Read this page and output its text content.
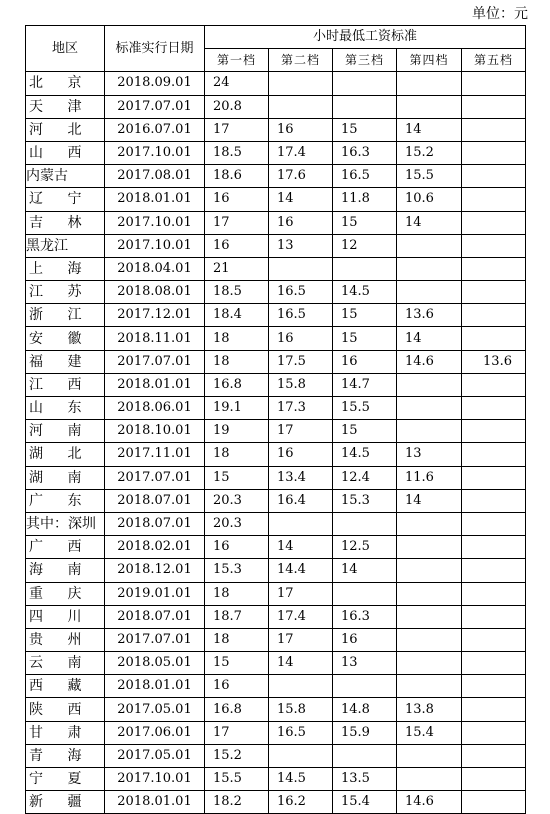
单位：元
地区	标准实行日期	小时最低工资标准				
		第一档	第二档	第三档	第四档	第五档
北 京	2018.09.01	24				
天 津	2017.07.01	20.8				
河 北	2016.07.01	17	16	15	14	
山 西	2017.10.01	18.5	17.4	16.3	15.2	
内蒙古	2017.08.01	18.6	17.6	16.5	15.5	
辽 宁	2018.01.01	16	14	11.8	10.6	
吉 林	2017.10.01	17	16	15	14	
黑龙江	2017.10.01	16	13	12		
上 海	2018.04.01	21				
江 苏	2018.08.01	18.5	16.5	14.5		
浙 江	2017.12.01	18.4	16.5	15	13.6	
安 徽	2018.11.01	18	16	15	14	
福 建	2017.07.01	18	17.5	16	14.6	13.6
江 西	2018.01.01	16.8	15.8	14.7		
山 东	2018.06.01	19.1	17.3	15.5		
河 南	2018.10.01	19	17	15		
湖 北	2017.11.01	18	16	14.5	13	
湖 南	2017.07.01	15	13.4	12.4	11.6	
广 东	2018.07.01	20.3	16.4	15.3	14	
其中：深圳	2018.07.01	20.3				
广 西	2018.02.01	16	14	12.5		
海 南	2018.12.01	15.3	14.4	14		
重 庆	2019.01.01	18	17			
四 川	2018.07.01	18.7	17.4	16.3		
贵 州	2017.07.01	18	17	16		
云 南	2018.05.01	15	14	13		
西 藏	2018.01.01	16				
陕 西	2017.05.01	16.8	15.8	14.8	13.8	
甘 肃	2017.06.01	17	16.5	15.9	15.4	
青 海	2017.05.01	15.2				
宁 夏	2017.10.01	15.5	14.5	13.5		
新 疆	2018.01.01	18.2	16.2	15.4	14.6	
